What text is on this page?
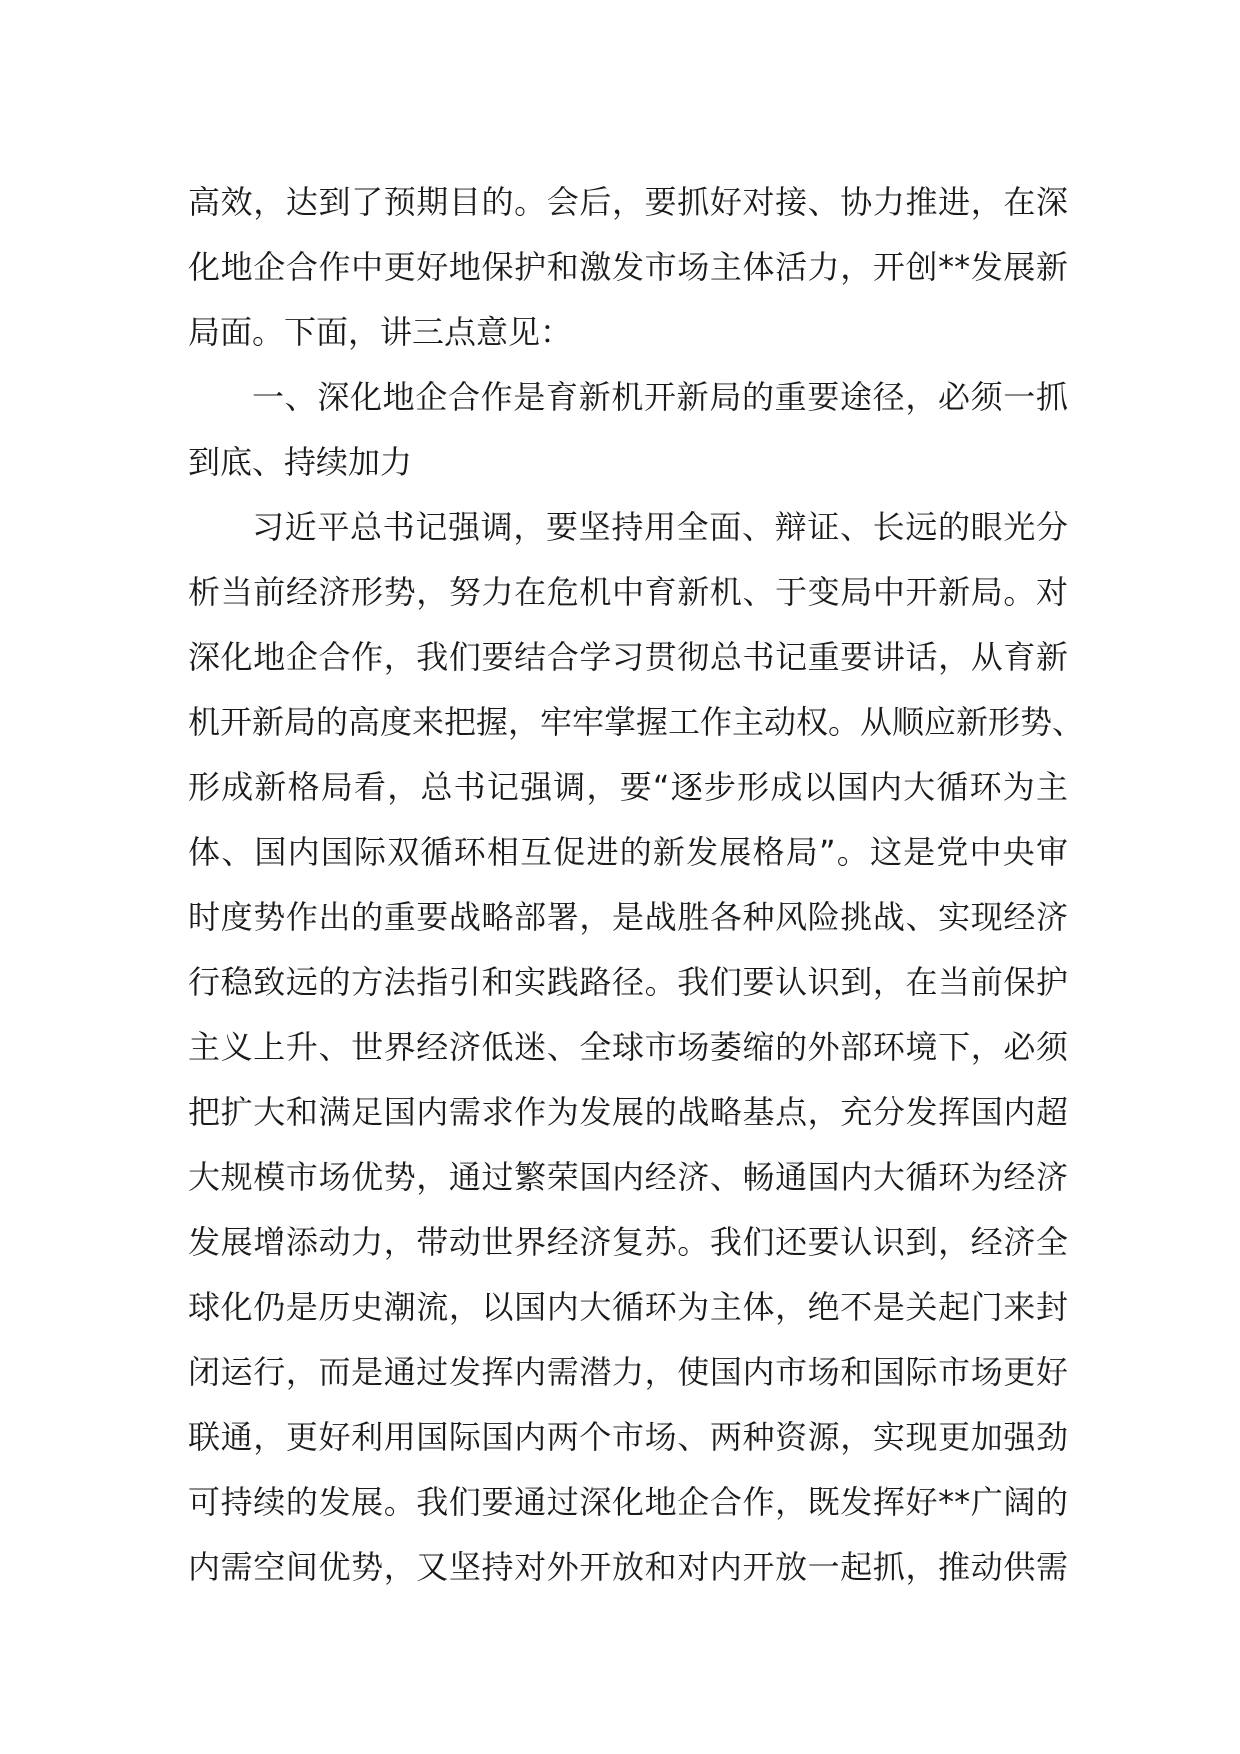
高效，达到了预期目的。会后，要抓好对接、协力推进，在深
化地企合作中更好地保护和激发市场主体活力，开创**发展新
局面。下面，讲三点意见：
一、深化地企合作是育新机开新局的重要途径，必须一抓
到底、持续加力
习近平总书记强调，要坚持用全面、辩证、长远的眼光分
析当前经济形势，努力在危机中育新机、于变局中开新局。对
深化地企合作，我们要结合学习贯彻总书记重要讲话，从育新
机开新局的高度来把握，牢牢掌握工作主动权。从顺应新形势、
形成新格局看，总书记强调，要“逐步形成以国内大循环为主
体、国内国际双循环相互促进的新发展格局”。这是党中央审
时度势作出的重要战略部署，是战胜各种风险挑战、实现经济
行稳致远的方法指引和实践路径。我们要认识到，在当前保护
主义上升、世界经济低迷、全球市场萎缩的外部环境下，必须
把扩大和满足国内需求作为发展的战略基点，充分发挥国内超
大规模市场优势，通过繁荣国内经济、畅通国内大循环为经济
发展增添动力，带动世界经济复苏。我们还要认识到，经济全
球化仍是历史潮流，以国内大循环为主体，绝不是关起门来封
闭运行，而是通过发挥内需潜力，使国内市场和国际市场更好
联通，更好利用国际国内两个市场、两种资源，实现更加强劲
可持续的发展。我们要通过深化地企合作，既发挥好**广阔的
内需空间优势，又坚持对外开放和对内开放一起抓，推动供需
